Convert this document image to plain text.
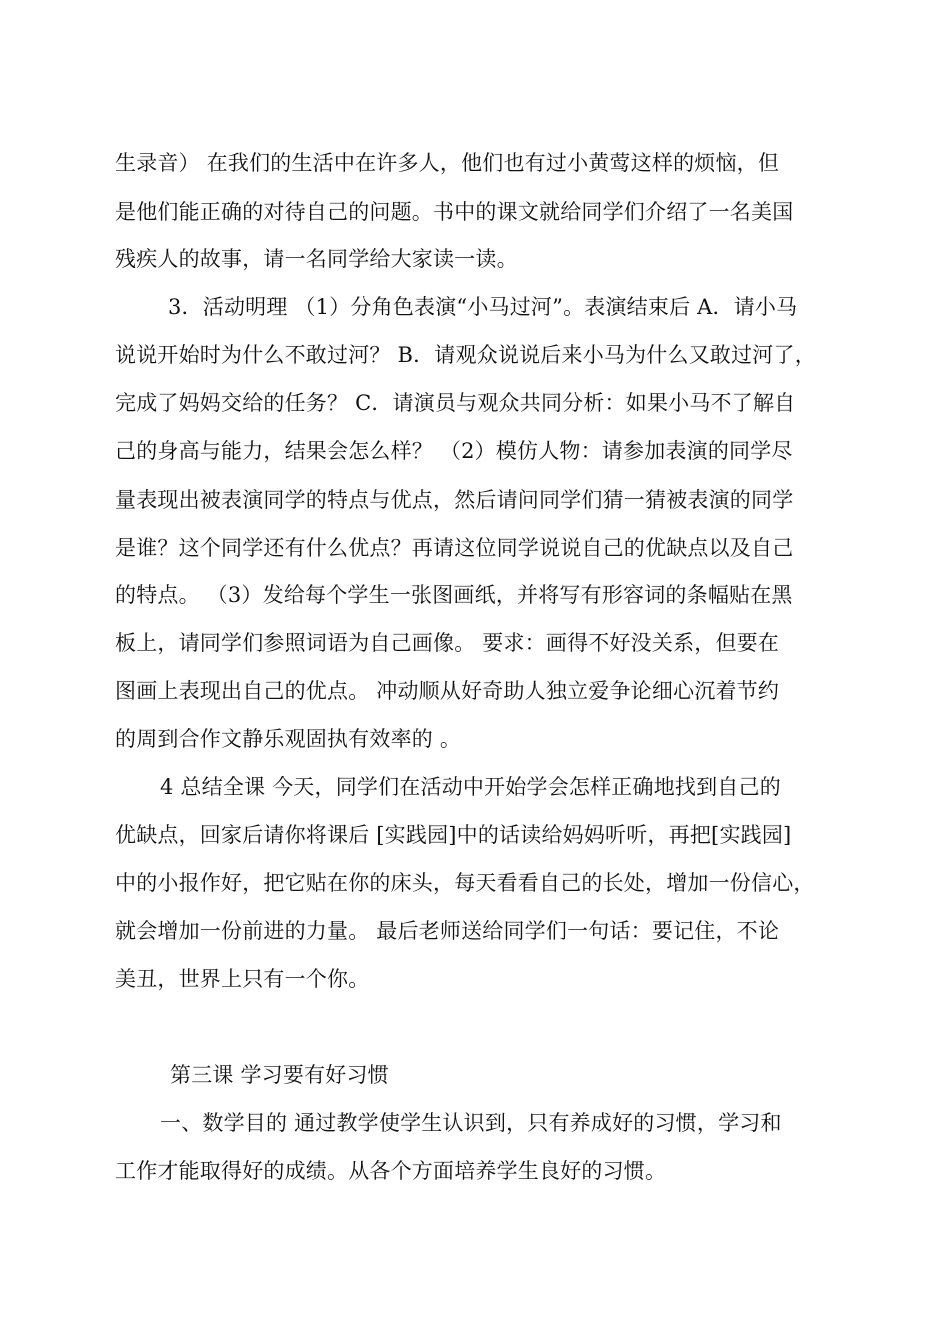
生录音） 在我们的生活中在许多人，他们也有过小黄莺这样的烦恼，但
是他们能正确的对待自己的问题。书中的课文就给同学们介绍了一名美国
残疾人的故事，请一名同学给大家读一读。
3．活动明理 （1）分角色表演“小马过河”。表演结束后 A．请小马
说说开始时为什么不敢过河？ B．请观众说说后来小马为什么又敢过河了，
完成了妈妈交给的任务？ C．请演员与观众共同分析：如果小马不了解自
己的身高与能力，结果会怎么样？ （2）模仿人物：请参加表演的同学尽
量表现出被表演同学的特点与优点，然后请问同学们猜一猜被表演的同学
是谁？这个同学还有什么优点？再请这位同学说说自己的优缺点以及自己
的特点。 （3）发给每个学生一张图画纸，并将写有形容词的条幅贴在黑
板上，请同学们参照词语为自己画像。 要求：画得不好没关系，但要在
图画上表现出自己的优点。 冲动顺从好奇助人独立爱争论细心沉着节约
的周到合作文静乐观固执有效率的 。
4 总结全课 今天，同学们在活动中开始学会怎样正确地找到自己的
优缺点，回家后请你将课后 [实践园]中的话读给妈妈听听，再把[实践园]
中的小报作好，把它贴在你的床头，每天看看自己的长处，增加一份信心，
就会增加一份前进的力量。 最后老师送给同学们一句话：要记住，不论
美丑，世界上只有一个你。
第三课 学习要有好习惯
一、数学目的 通过教学使学生认识到，只有养成好的习惯，学习和
工作才能取得好的成绩。从各个方面培养学生良好的习惯。
